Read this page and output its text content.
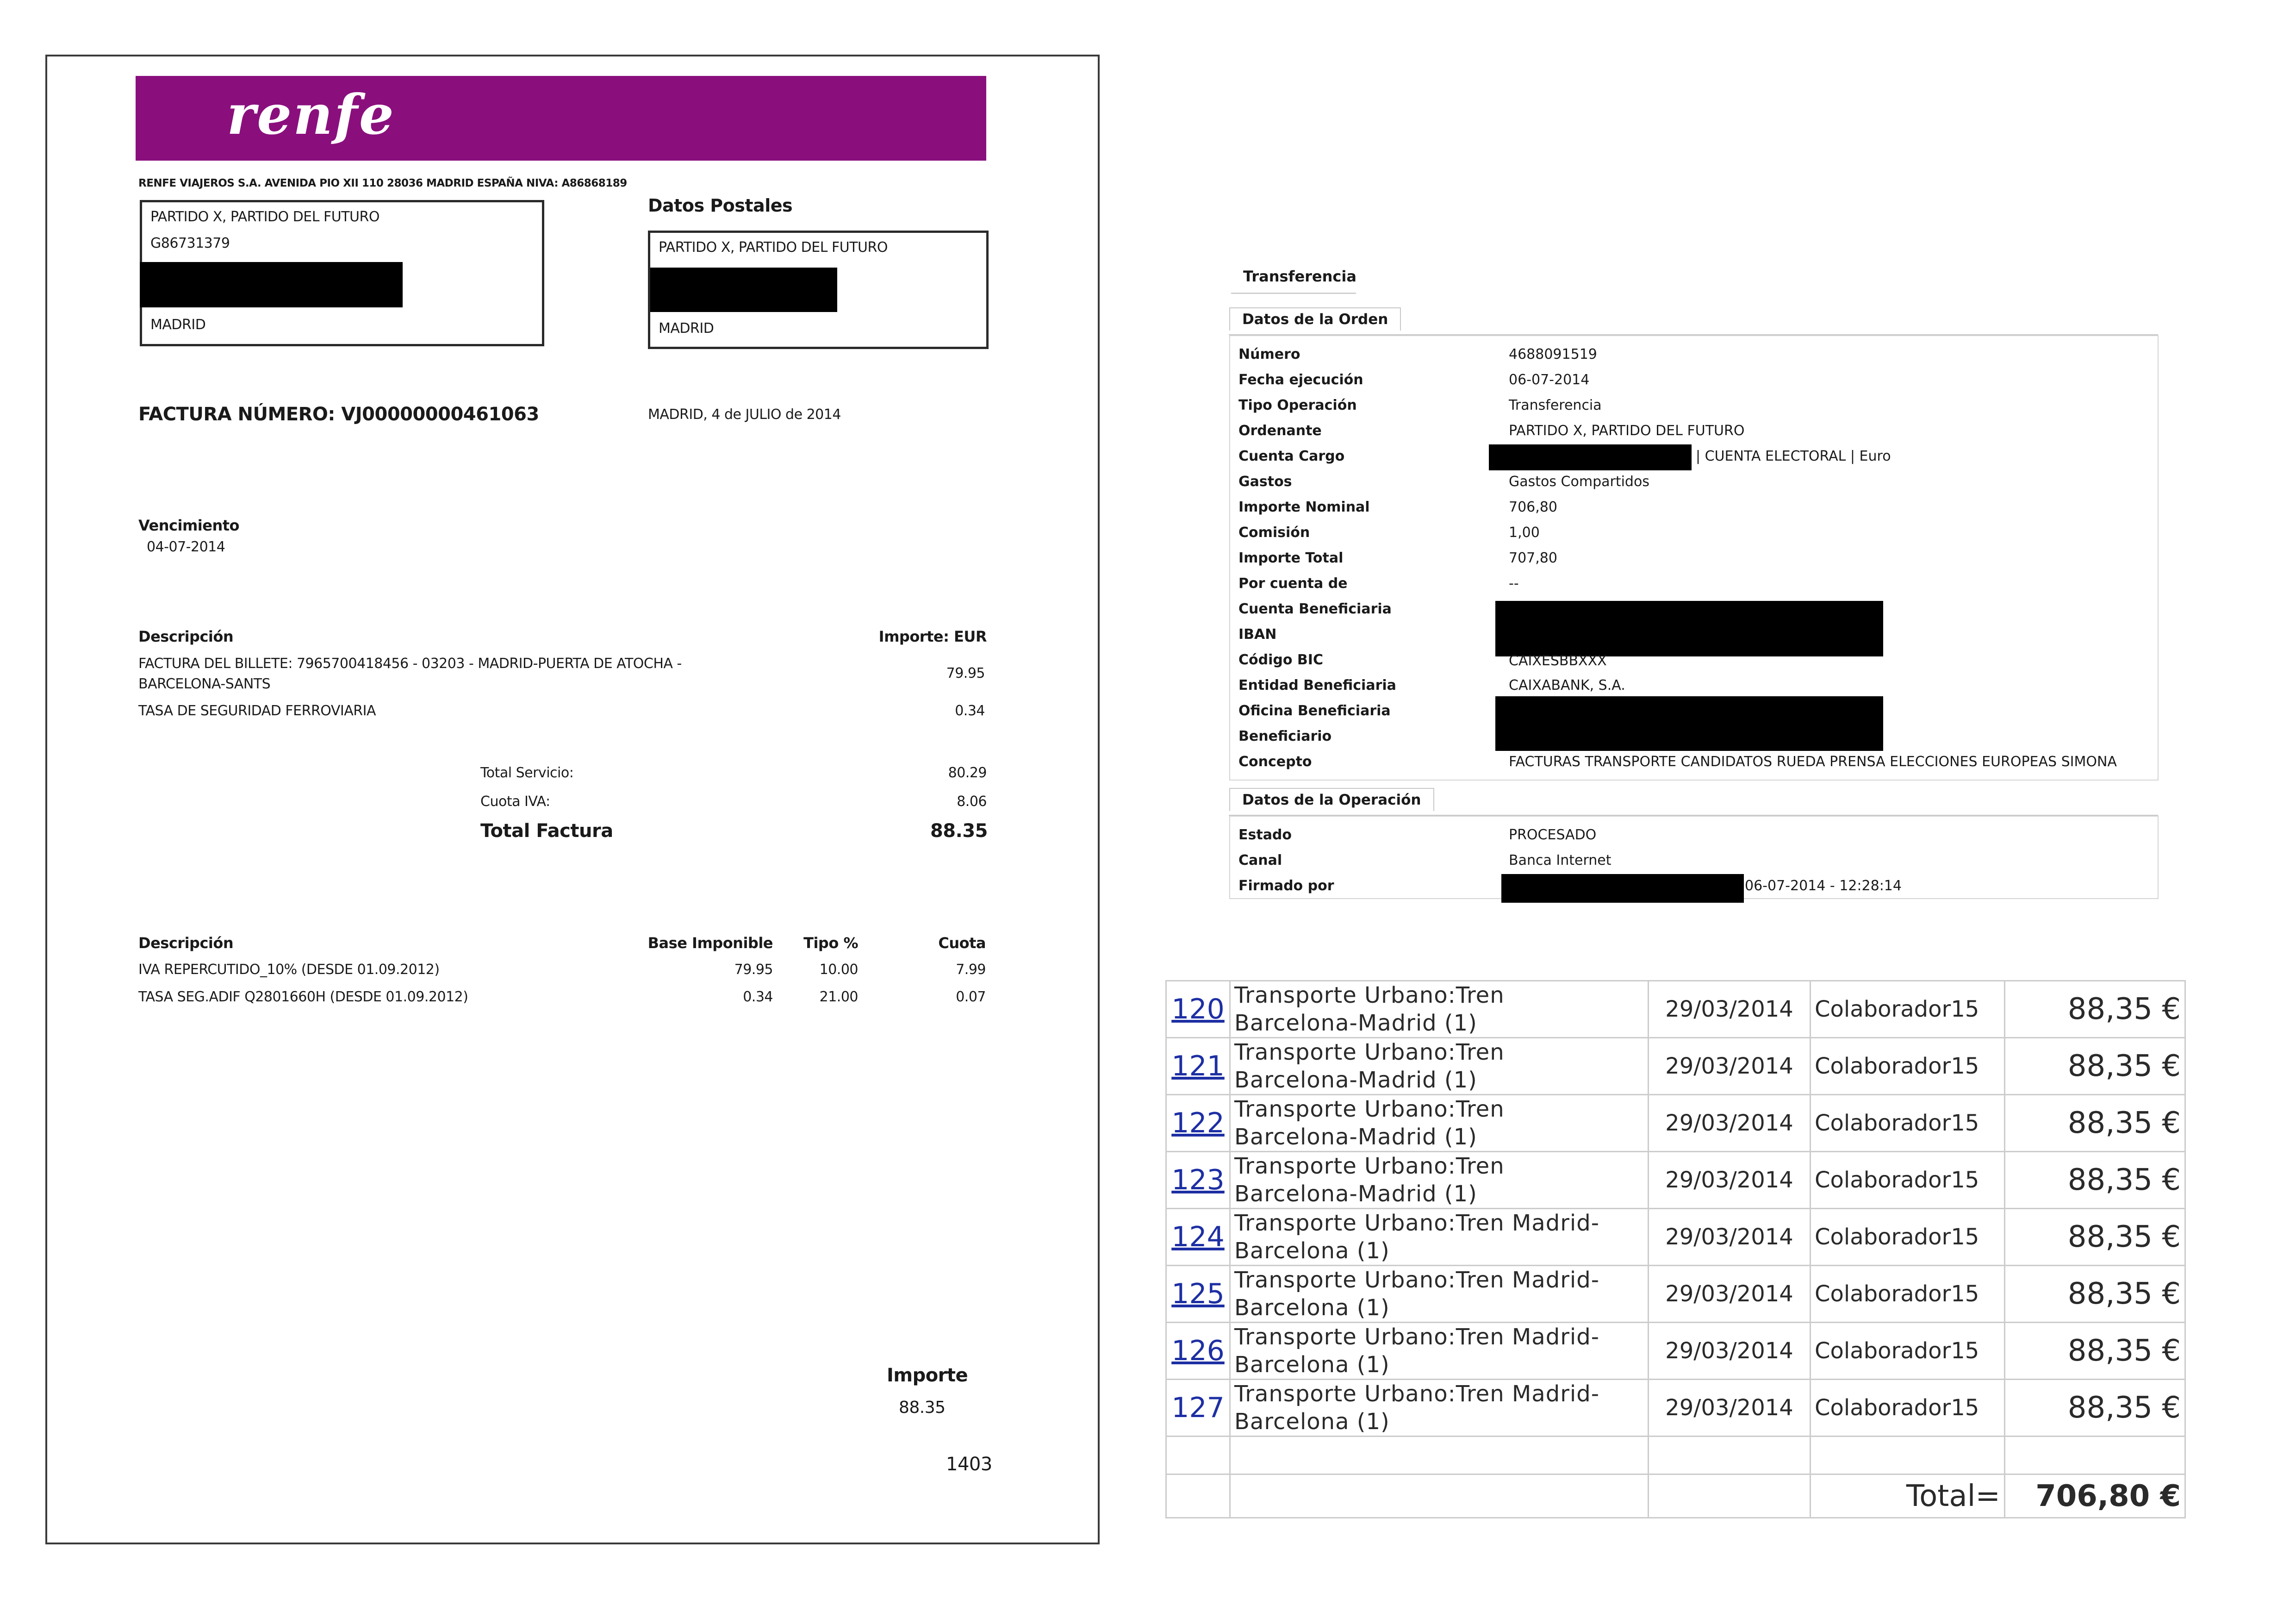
renfe
RENFE VIAJEROS S.A. AVENIDA PIO XII 110 28036 MADRID ESPAÑA NIVA: A86868189
PARTIDO X, PARTIDO DEL FUTURO
G86731379
MADRID
Datos Postales
PARTIDO X, PARTIDO DEL FUTURO
MADRID
FACTURA NÚMERO: VJ00000000461063	MADRID, 4 de JULIO de 2014
Vencimiento
04-07-2014
Descripción	Importe: EUR
FACTURA DEL BILLETE: 7965700418456 - 03203 - MADRID-PUERTA DE ATOCHA -
BARCELONA-SANTS
79.95
TASA DE SEGURIDAD FERROVIARIA	0.34
Total Servicio:	80.29
Cuota IVA:	8.06
Total Factura	88.35
Descripción	Base Imponible	Tipo %	Cuota
IVA REPERCUTIDO_10% (DESDE 01.09.2012)	79.95	10.00	7.99
TASA SEG.ADIF Q2801660H (DESDE 01.09.2012)	0.34	21.00	0.07
Importe
88.35
1403
Transferencia
Datos de la Orden
Número	4688091519
Fecha ejecución	06-07-2014
Tipo Operación	Transferencia
Ordenante	PARTIDO X, PARTIDO DEL FUTURO
Cuenta Cargo	| CUENTA ELECTORAL | Euro
Gastos	Gastos Compartidos
Importe Nominal	706,80
Comisión	1,00
Importe Total	707,80
Por cuenta de	--
Cuenta Beneficiaria
IBAN
Código BIC	CAIXESBBXXX
Entidad Beneficiaria	CAIXABANK, S.A.
Oficina Beneficiaria
Beneficiario
Concepto	FACTURAS TRANSPORTE CANDIDATOS RUEDA PRENSA ELECCIONES EUROPEAS SIMONA
Datos de la Operación
Estado	PROCESADO
Canal	Banca Internet
Firmado por	06-07-2014 - 12:28:14
120	Transporte Urbano:Tren
Barcelona-Madrid (1)	29/03/2014	Colaborador15	88,35 €
121	Transporte Urbano:Tren
Barcelona-Madrid (1)	29/03/2014	Colaborador15	88,35 €
122	Transporte Urbano:Tren
Barcelona-Madrid (1)	29/03/2014	Colaborador15	88,35 €
123	Transporte Urbano:Tren
Barcelona-Madrid (1)	29/03/2014	Colaborador15	88,35 €
124	Transporte Urbano:Tren Madrid-
Barcelona (1)	29/03/2014	Colaborador15	88,35 €
125	Transporte Urbano:Tren Madrid-
Barcelona (1)	29/03/2014	Colaborador15	88,35 €
126	Transporte Urbano:Tren Madrid-
Barcelona (1)	29/03/2014	Colaborador15	88,35 €
127	Transporte Urbano:Tren Madrid-
Barcelona (1)	29/03/2014	Colaborador15	88,35 €

			Total=	706,80 €
